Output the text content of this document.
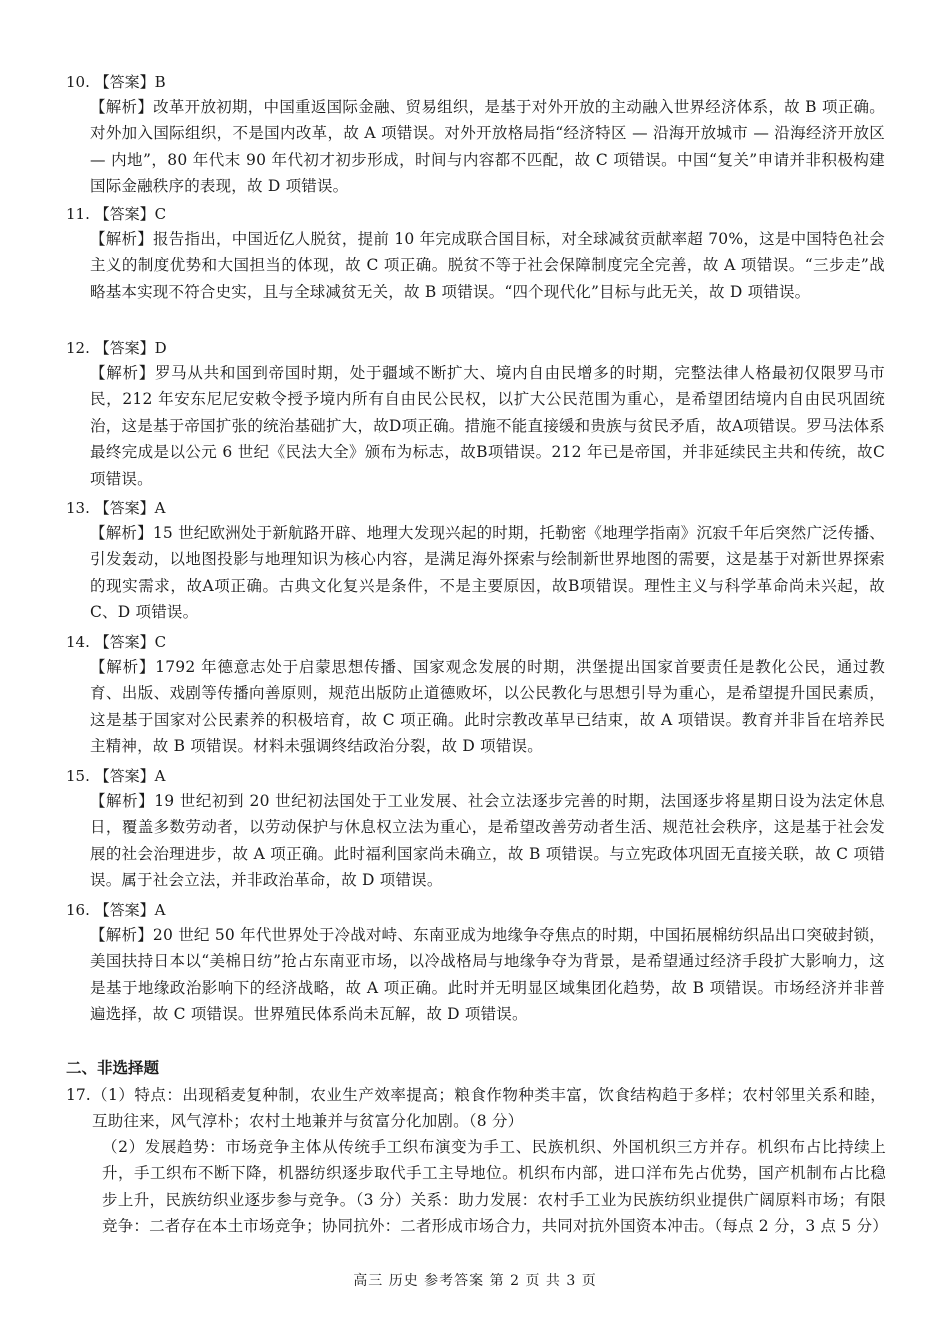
10. 【答案】B
【解析】改革开放初期，中国重返国际金融、贸易组织，是基于对外开放的主动融入世界经济体系，故 B 项正确。对外加入国际组织，不是国内改革，故 A 项错误。对外开放格局指“经济特区 — 沿海开放城市 — 沿海经济开放区 — 内地”，80 年代末 90 年代初才初步形成，时间与内容都不匹配，故 C 项错误。中国“复关”申请并非积极构建国际金融秩序的表现，故 D 项错误。
11. 【答案】C
【解析】报告指出，中国近亿人脱贫，提前 10 年完成联合国目标，对全球减贫贡献率超 70%，这是中国特色社会主义的制度优势和大国担当的体现，故 C 项正确。脱贫不等于社会保障制度完全完善，故 A 项错误。“三步走”战略基本实现不符合史实，且与全球减贫无关，故 B 项错误。“四个现代化”目标与此无关，故 D 项错误。
12. 【答案】D
【解析】罗马从共和国到帝国时期，处于疆域不断扩大、境内自由民增多的时期，完整法律人格最初仅限罗马市民，212 年安东尼尼安敕令授予境内所有自由民公民权，以扩大公民范围为重心，是希望团结境内自由民巩固统治，这是基于帝国扩张的统治基础扩大，故D项正确。措施不能直接缓和贵族与贫民矛盾，故A项错误。罗马法体系最终完成是以公元 6 世纪《民法大全》颁布为标志，故B项错误。212 年已是帝国，并非延续民主共和传统，故C项错误。
13. 【答案】A
【解析】15 世纪欧洲处于新航路开辟、地理大发现兴起的时期，托勒密《地理学指南》沉寂千年后突然广泛传播、引发轰动，以地图投影与地理知识为核心内容，是满足海外探索与绘制新世界地图的需要，这是基于对新世界探索的现实需求，故A项正确。古典文化复兴是条件，不是主要原因，故B项错误。理性主义与科学革命尚未兴起，故 C、D 项错误。
14. 【答案】C
【解析】1792 年德意志处于启蒙思想传播、国家观念发展的时期，洪堡提出国家首要责任是教化公民，通过教育、出版、戏剧等传播向善原则，规范出版防止道德败坏，以公民教化与思想引导为重心，是希望提升国民素质，这是基于国家对公民素养的积极培育，故 C 项正确。此时宗教改革早已结束，故 A 项错误。教育并非旨在培养民主精神，故 B 项错误。材料未强调终结政治分裂，故 D 项错误。
15. 【答案】A
【解析】19 世纪初到 20 世纪初法国处于工业发展、社会立法逐步完善的时期，法国逐步将星期日设为法定休息日，覆盖多数劳动者，以劳动保护与休息权立法为重心，是希望改善劳动者生活、规范社会秩序，这是基于社会发展的社会治理进步，故 A 项正确。此时福利国家尚未确立，故 B 项错误。与立宪政体巩固无直接关联，故 C 项错误。属于社会立法，并非政治革命，故 D 项错误。
16. 【答案】A
【解析】20 世纪 50 年代世界处于冷战对峙、东南亚成为地缘争夺焦点的时期，中国拓展棉纺织品出口突破封锁，美国扶持日本以“美棉日纺”抢占东南亚市场，以冷战格局与地缘争夺为背景，是希望通过经济手段扩大影响力，这是基于地缘政治影响下的经济战略，故 A 项正确。此时并无明显区域集团化趋势，故 B 项错误。市场经济并非普遍选择，故 C 项错误。世界殖民体系尚未瓦解，故 D 项错误。
二、非选择题
17. （1）特点：出现稻麦复种制，农业生产效率提高；粮食作物种类丰富，饮食结构趋于多样；农村邻里关系和睦，互助往来，风气淳朴；农村土地兼并与贫富分化加剧。（8 分）
（2）发展趋势：市场竞争主体从传统手工织布演变为手工、民族机织、外国机织三方并存。机织布占比持续上升，手工织布不断下降，机器纺织逐步取代手工主导地位。机织布内部，进口洋布先占优势，国产机制布占比稳步上升，民族纺织业逐步参与竞争。（3 分）关系：助力发展：农村手工业为民族纺织业提供广阔原料市场；有限竞争：二者存在本土市场竞争；协同抗外：二者形成市场合力，共同对抗外国资本冲击。（每点 2 分，3 点 5 分）
高三 历史 参考答案 第 2 页 共 3 页
